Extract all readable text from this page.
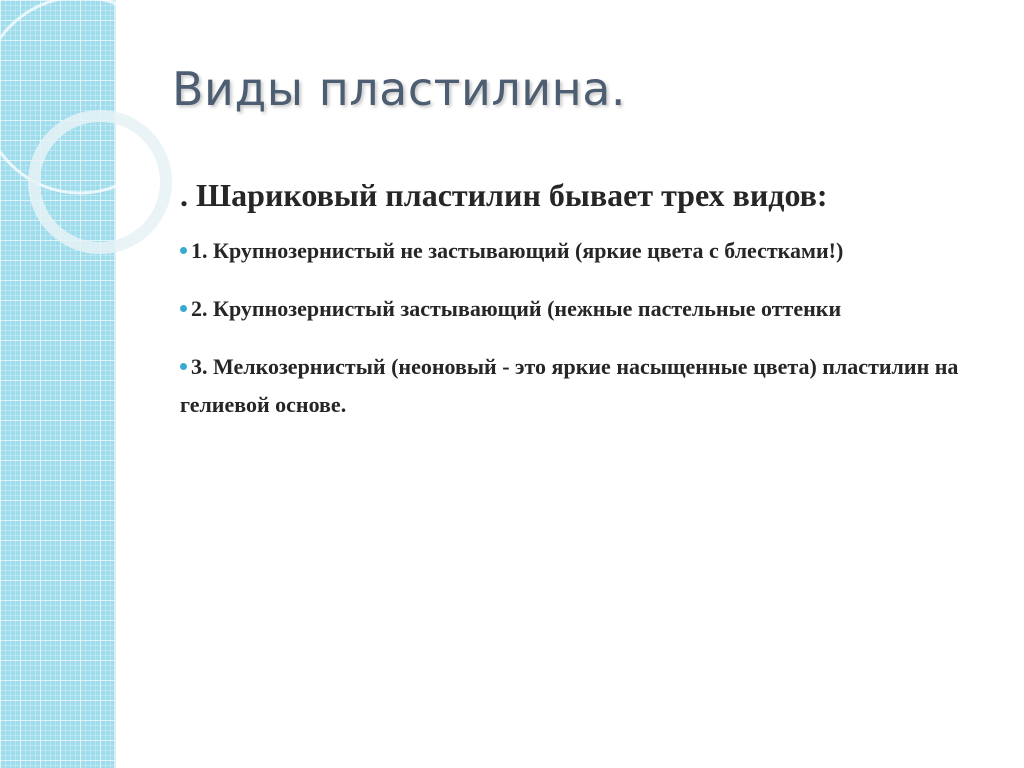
Виды пластилина.

. Шариковый пластилин бывает трех видов:

1. Крупнозернистый не застывающий (яркие цвета с блестками!)

2. Крупнозернистый застывающий (нежные пастельные оттенки

3. Мелкозернистый (неоновый - это яркие насыщенные цвета) пластилин на гелиевой основе.
